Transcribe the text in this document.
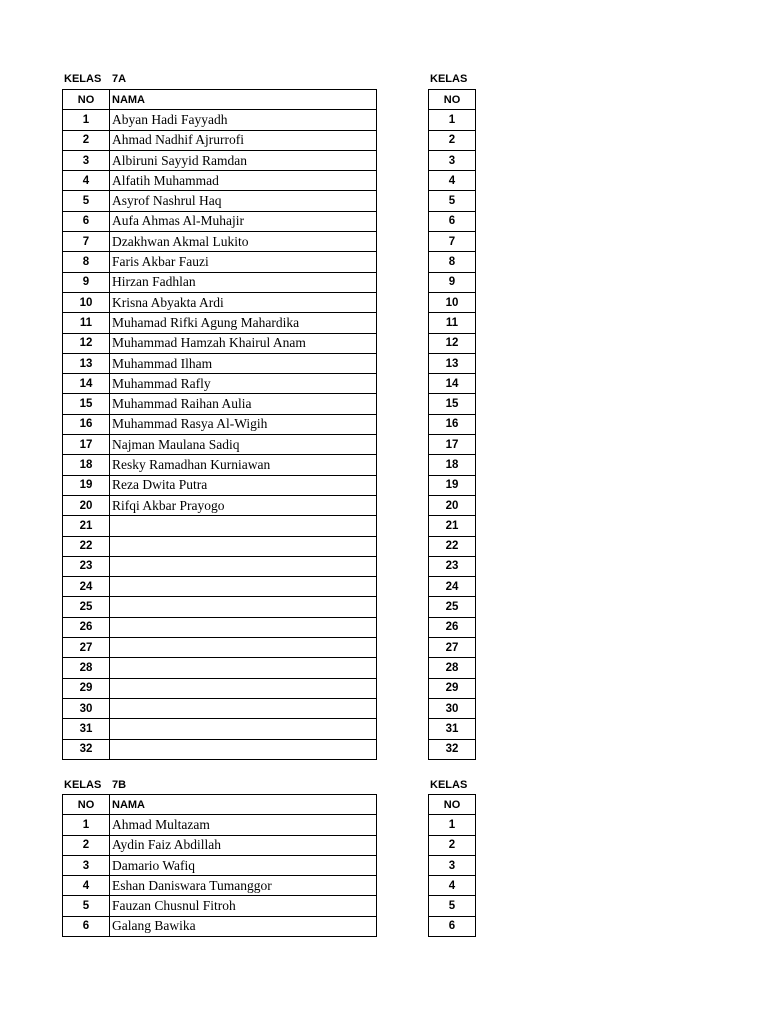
KELAS 7A	KELAS
NO	NAMA
1	Abyan Hadi Fayyadh
2	Ahmad Nadhif Ajrurrofi
3	Albiruni Sayyid Ramdan
4	Alfatih Muhammad
5	Asyrof Nashrul Haq
6	Aufa Ahmas Al-Muhajir
7	Dzakhwan Akmal Lukito
8	Faris Akbar Fauzi
9	Hirzan Fadhlan
10	Krisna Abyakta Ardi
11	Muhamad Rifki Agung Mahardika
12	Muhammad Hamzah Khairul Anam
13	Muhammad Ilham
14	Muhammad Rafly
15	Muhammad Raihan Aulia
16	Muhammad Rasya Al-Wigih
17	Najman Maulana Sadiq
18	Resky Ramadhan Kurniawan
19	Reza Dwita Putra
20	Rifqi Akbar Prayogo
21	
22	
23	
24	
25	
26	
27	
28	
29	
30	
31	
32	
NO
1
2
3
4
5
6
7
8
9
10
11
12
13
14
15
16
17
18
19
20
21
22
23
24
25
26
27
28
29
30
31
32
KELAS 7B	KELAS
NO	NAMA
1	Ahmad Multazam
2	Aydin Faiz Abdillah
3	Damario Wafiq
4	Eshan Daniswara Tumanggor
5	Fauzan Chusnul Fitroh
6	Galang Bawika
NO
1
2
3
4
5
6
